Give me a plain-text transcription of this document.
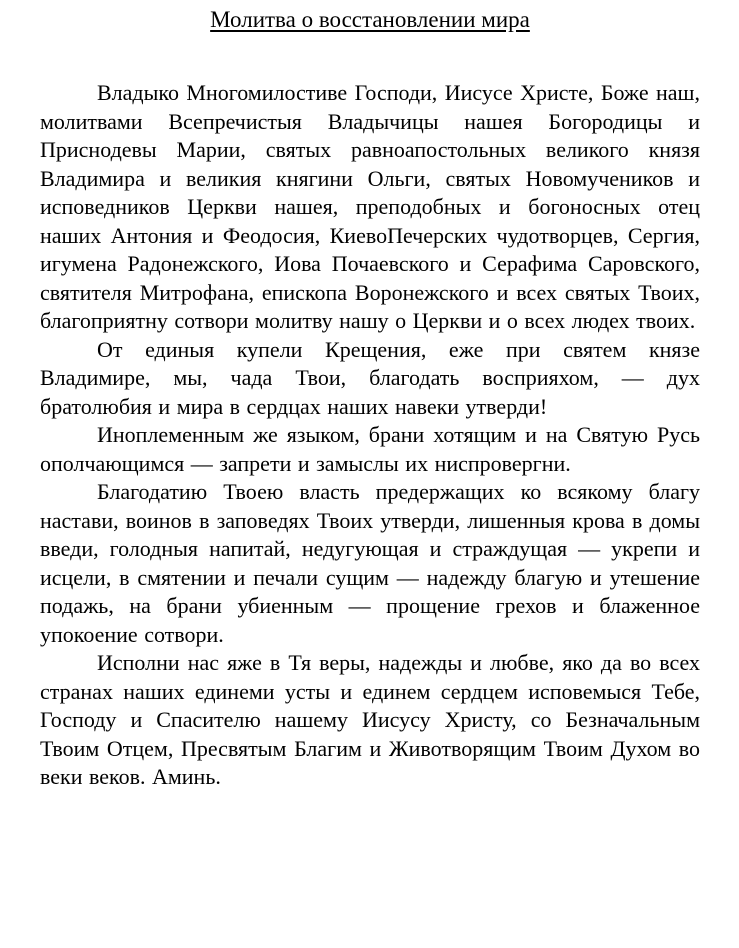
Молитва о восстановлении мира

Владыко Многомилостиве Господи, Иисусе Христе, Боже наш, молитвами Всепречистыя Владычицы нашея Богородицы и Приснодевы Марии, святых равноапостольных великого князя Владимира и великия княгини Ольги, святых Новомучеников и исповедников Церкви нашея, преподобных и богоносных отец наших Антония и Феодосия, КиевоПечерских чудотворцев, Сергия, игумена Радонежского, Иова Почаевского и Серафима Саровского, святителя Митрофана, епископа Воронежского и всех святых Твоих, благоприятну сотвори молитву нашу о Церкви и о всех людех твоих.

От единыя купели Крещения, еже при святем князе Владимире, мы, чада Твои, благодать восприяхом, — дух братолюбия и мира в сердцах наших навеки утверди!

Иноплеменным же языком, брани хотящим и на Святую Русь ополчающимся — запрети и замыслы их ниспровергни.

Благодатию Твоею власть предержащих ко всякому благу настави, воинов в заповедях Твоих утверди, лишенныя крова в домы введи, голодныя напитай, недугующая и страждущая — укрепи и исцели, в смятении и печали сущим — надежду благую и утешение подажь, на брани убиенным — прощение грехов и блаженное упокоение сотвори.

Исполни нас яже в Тя веры, надежды и любве, яко да во всех странах наших единеми усты и единем сердцем исповемыся Тебе, Господу и Спасителю нашему Иисусу Христу, со Безначальным Твоим Отцем, Пресвятым Благим и Животворящим Твоим Духом во веки веков. Аминь.
